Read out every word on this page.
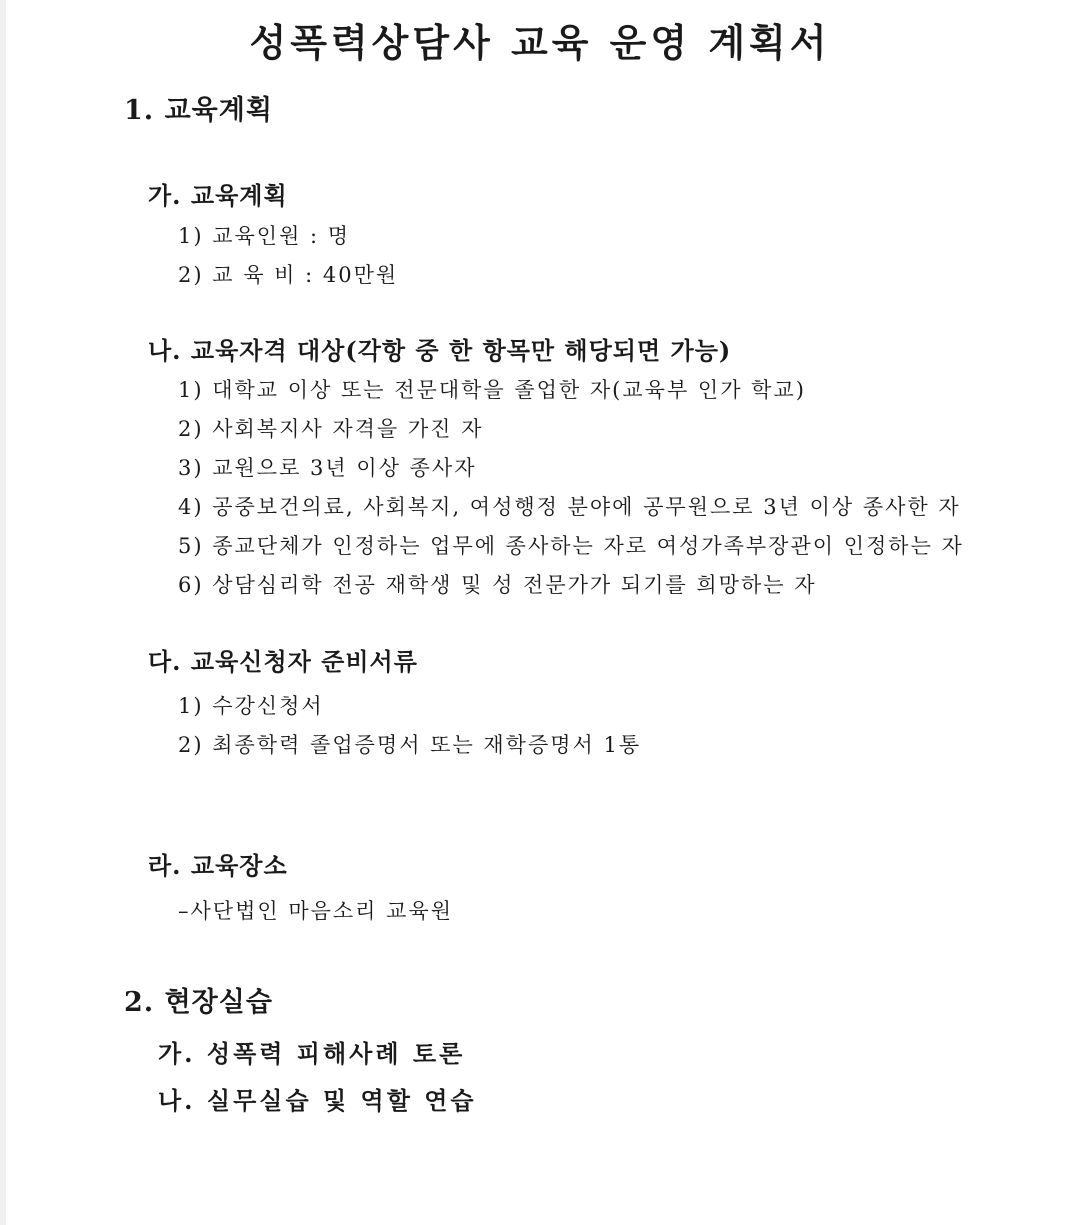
성폭력상담사 교육 운영 계획서
1. 교육계획
가. 교육계획
1) 교육인원 : 명
2) 교 육 비 : 40만원
나. 교육자격 대상(각항 중 한 항목만 해당되면 가능)
1) 대학교 이상 또는 전문대학을 졸업한 자(교육부 인가 학교)
2) 사회복지사 자격을 가진 자
3) 교원으로 3년 이상 종사자
4) 공중보건의료, 사회복지, 여성행정 분야에 공무원으로 3년 이상 종사한 자
5) 종교단체가 인정하는 업무에 종사하는 자로 여성가족부장관이 인정하는 자
6) 상담심리학 전공 재학생 및 성 전문가가 되기를 희망하는 자
다. 교육신청자 준비서류
1) 수강신청서
2) 최종학력 졸업증명서 또는 재학증명서 1통
라. 교육장소
–사단법인 마음소리 교육원
2. 현장실습
가. 성폭력 피해사례 토론
나. 실무실습 및 역할 연습
